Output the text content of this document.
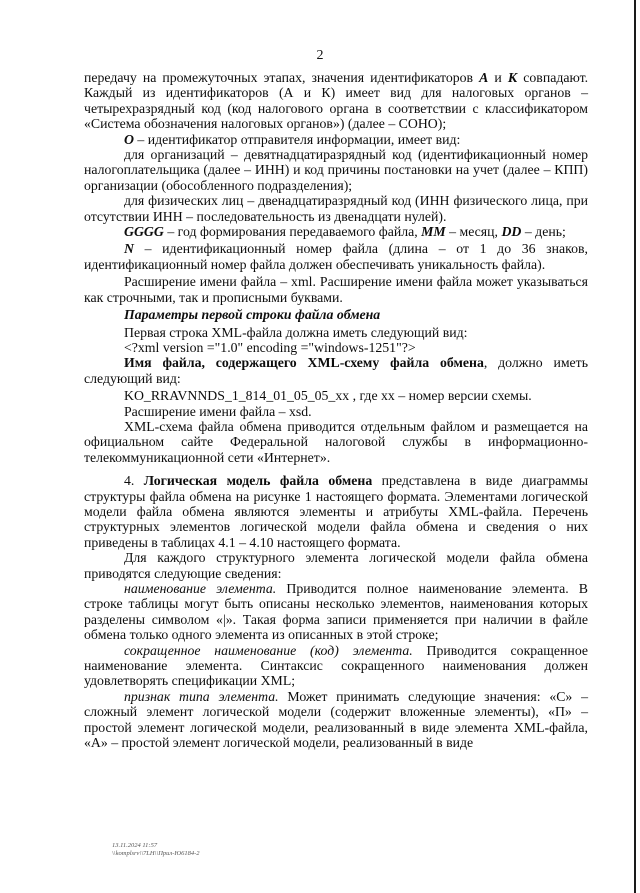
2

передачу на промежуточных этапах, значения идентификаторов А и К совпадают. Каждый из идентификаторов (А и К) имеет вид для налоговых органов – четырехразрядный код (код налогового органа в соответствии с классификатором «Система обозначения налоговых органов») (далее – СОНО);

О – идентификатор отправителя информации, имеет вид:

для организаций – девятнадцатиразрядный код (идентификационный номер налогоплательщика (далее – ИНН) и код причины постановки на учет (далее – КПП) организации (обособленного подразделения);

для физических лиц – двенадцатиразрядный код (ИНН физического лица, при отсутствии ИНН – последовательность из двенадцати нулей).

GGGG – год формирования передаваемого файла, MM – месяц, DD – день;

N – идентификационный номер файла (длина – от 1 до 36 знаков, идентификационный номер файла должен обеспечивать уникальность файла).

Расширение имени файла – xml. Расширение имени файла может указываться как строчными, так и прописными буквами.

Параметры первой строки файла обмена

Первая строка XML-файла должна иметь следующий вид:

<?xml version ="1.0" encoding ="windows-1251"?>

Имя файла, содержащего XML-схему файла обмена, должно иметь следующий вид:

KO_RRAVNNDS_1_814_01_05_05_xx , где хх – номер версии схемы.

Расширение имени файла – xsd.

XML-схема файла обмена приводится отдельным файлом и размещается на официальном сайте Федеральной налоговой службы в информационно-телекоммуникационной сети «Интернет».

4. Логическая модель файла обмена представлена в виде диаграммы структуры файла обмена на рисунке 1 настоящего формата. Элементами логической модели файла обмена являются элементы и атрибуты XML-файла. Перечень структурных элементов логической модели файла обмена и сведения о них приведены в таблицах 4.1 – 4.10 настоящего формата.

Для каждого структурного элемента логической модели файла обмена приводятся следующие сведения:

наименование элемента. Приводится полное наименование элемента. В строке таблицы могут быть описаны несколько элементов, наименования которых разделены символом «|». Такая форма записи применяется при наличии в файле обмена только одного элемента из описанных в этой строке;

сокращенное наименование (код) элемента. Приводится сокращенное наименование элемента. Синтаксис сокращенного наименования должен удовлетворять спецификации XML;

признак типа элемента. Может принимать следующие значения: «С» – сложный элемент логической модели (содержит вложенные элементы), «П» – простой элемент логической модели, реализованный в виде элемента XML-файла, «А» – простой элемент логической модели, реализованный в виде

13.11.2024 11:57
\\komplsrv\\7LH\\Прил-Ю6184-2
